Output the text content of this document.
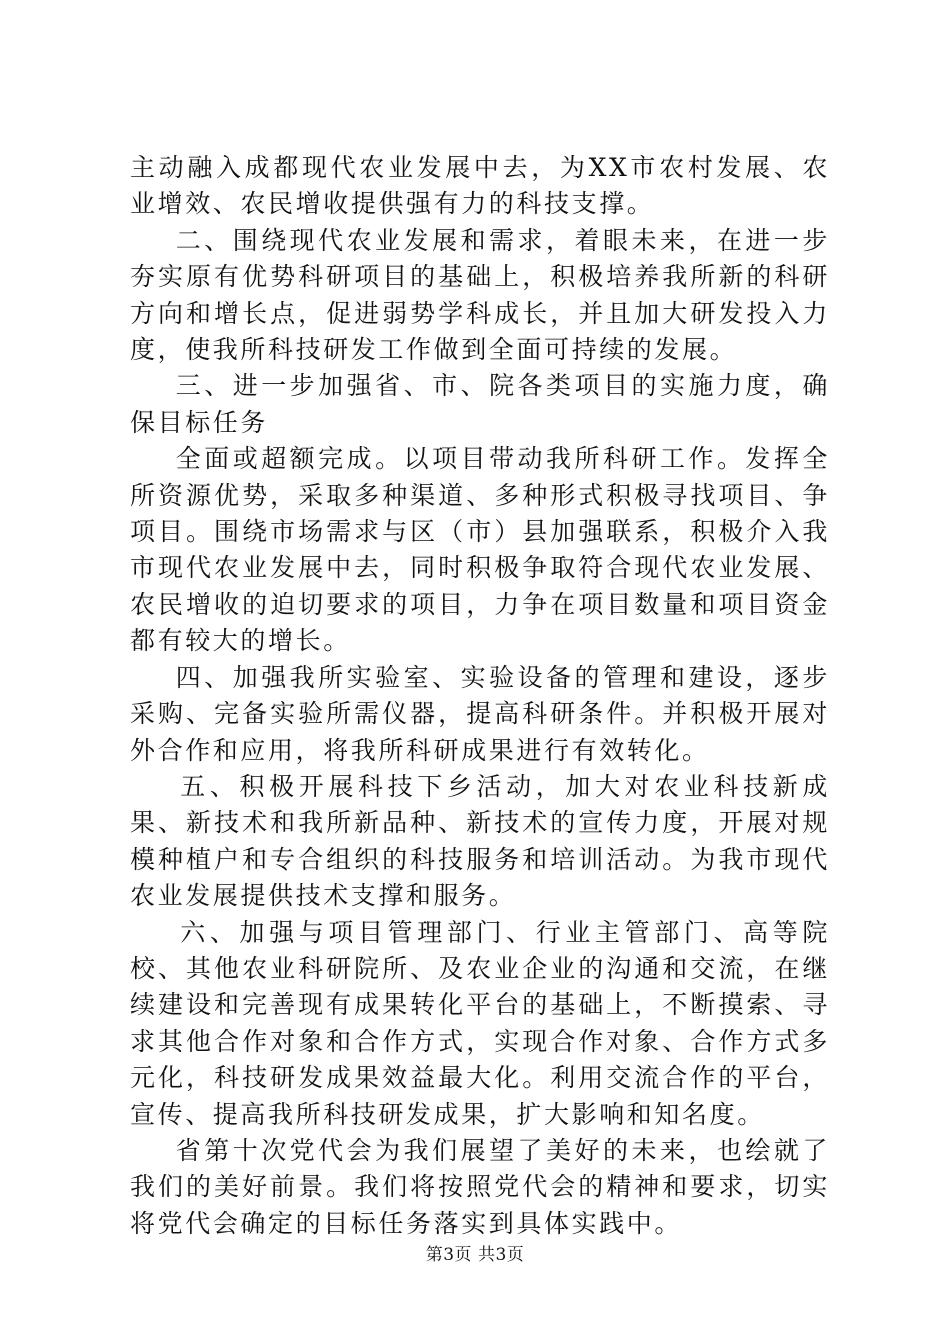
主动融入成都现代农业发展中去，为XX市农村发展、农业增效、农民增收提供强有力的科技支撑。

二、围绕现代农业发展和需求，着眼未来，在进一步夯实原有优势科研项目的基础上，积极培养我所新的科研方向和增长点，促进弱势学科成长，并且加大研发投入力度，使我所科技研发工作做到全面可持续的发展。

三、进一步加强省、市、院各类项目的实施力度，确保目标任务

全面或超额完成。以项目带动我所科研工作。发挥全所资源优势，采取多种渠道、多种形式积极寻找项目、争项目。围绕市场需求与区（市）县加强联系，积极介入我市现代农业发展中去，同时积极争取符合现代农业发展、农民增收的迫切要求的项目，力争在项目数量和项目资金都有较大的增长。

四、加强我所实验室、实验设备的管理和建设，逐步采购、完备实验所需仪器，提高科研条件。并积极开展对外合作和应用，将我所科研成果进行有效转化。

五、积极开展科技下乡活动，加大对农业科技新成果、新技术和我所新品种、新技术的宣传力度，开展对规模种植户和专合组织的科技服务和培训活动。为我市现代农业发展提供技术支撑和服务。

六、加强与项目管理部门、行业主管部门、高等院校、其他农业科研院所、及农业企业的沟通和交流，在继续建设和完善现有成果转化平台的基础上，不断摸索、寻求其他合作对象和合作方式，实现合作对象、合作方式多元化，科技研发成果效益最大化。利用交流合作的平台，宣传、提高我所科技研发成果，扩大影响和知名度。

省第十次党代会为我们展望了美好的未来，也绘就了我们的美好前景。我们将按照党代会的精神和要求，切实将党代会确定的目标任务落实到具体实践中。

第3页 共3页
